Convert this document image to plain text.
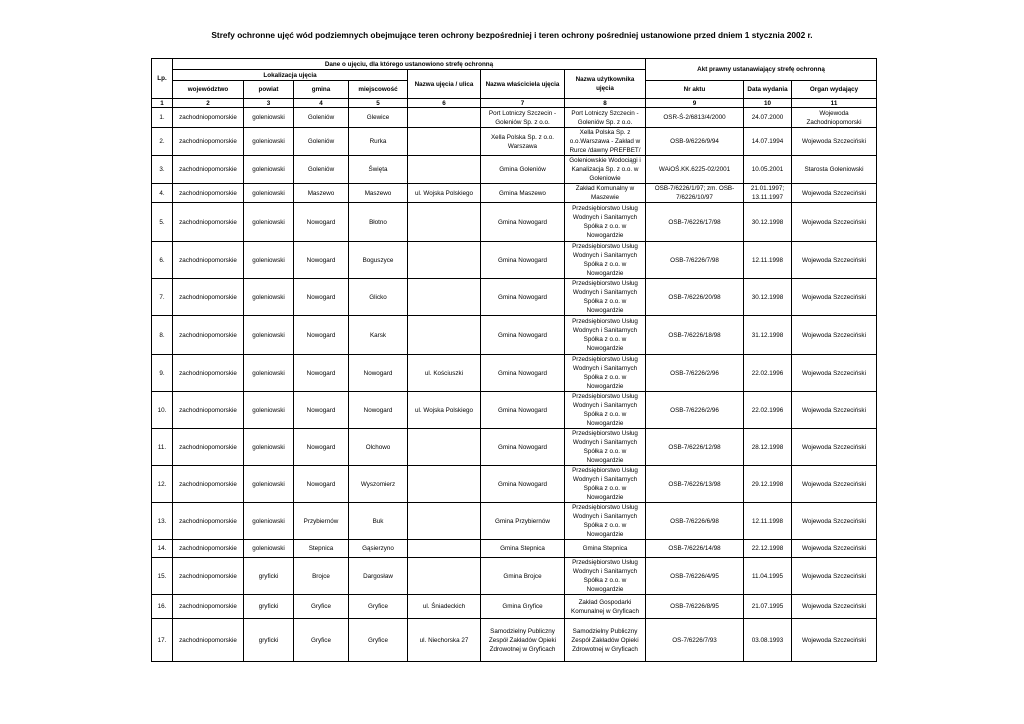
Strefy ochronne ujęć wód podziemnych obejmujące teren ochrony bezpośredniej i teren ochrony pośredniej ustanowione przed dniem 1 stycznia 2002 r.
Lp.	Dane o ujęciu, dla którego ustanowiono strefę ochronną							Akt prawny ustanawiający strefę ochronną		
	Lokalizacja ujęcia				Nazwa ujęcia / ulica	Nazwa właściciela ujęcia	Nazwa użytkownika ujęcia			
	województwo	powiat	gmina	miejscowość				Nr aktu	Data wydania	Organ wydający
1	2	3	4	5	6	7	8	9	10	11
1.	zachodniopomorskie	goleniowski	Goleniów	Glewice		Port Lotniczy Szczecin - Goleniów Sp. z o.o.	Port Lotniczy Szczecin - Goleniów Sp. z o.o.	OSR-Ś-2/6813/4/2000	24.07.2000	Wojewoda Zachodniopomorski
2.	zachodniopomorskie	goleniowski	Goleniów	Rurka		Xella Polska Sp. z o.o. Warszawa	Xella Polska Sp. z o.o.Warszawa - Zakład w Rurce /dawny PREFBET/	OSB-9/6226/9/94	14.07.1994	Wojewoda Szczeciński
3.	zachodniopomorskie	goleniowski	Goleniów	Święta		Gmina Goleniów	Goleniowskie Wodociągi i Kanalizacja Sp. z o.o. w Goleniowie	WAiOŚ.KK.6225-02/2001	10.05.2001	Starosta Goleniowski
4.	zachodniopomorskie	goleniowski	Maszewo	Maszewo	ul. Wojska Polskiego	Gmina Maszewo	Zakład Komunalny w Maszewie	OSB-7/6226/1/97; zm. OSB-7/6226/10/97	21.01.1997; 13.11.1997	Wojewoda Szczeciński
5.	zachodniopomorskie	goleniowski	Nowogard	Błotno		Gmina Nowogard	Przedsiębiorstwo Usług Wodnych i Sanitarnych Spółka z o.o. w Nowogardzie	OSB-7/6226/17/98	30.12.1998	Wojewoda Szczeciński
6.	zachodniopomorskie	goleniowski	Nowogard	Boguszyce		Gmina Nowogard	Przedsiębiorstwo Usług Wodnych i Sanitarnych Spółka z o.o. w Nowogardzie	OSB-7/6226/7/98	12.11.1998	Wojewoda Szczeciński
7.	zachodniopomorskie	goleniowski	Nowogard	Glicko		Gmina Nowogard	Przedsiębiorstwo Usług Wodnych i Sanitarnych Spółka z o.o. w Nowogardzie	OSB-7/6226/20/98	30.12.1998	Wojewoda Szczeciński
8.	zachodniopomorskie	goleniowski	Nowogard	Karsk		Gmina Nowogard	Przedsiębiorstwo Usług Wodnych i Sanitarnych Spółka z o.o. w Nowogardzie	OSB-7/6226/18/98	31.12.1998	Wojewoda Szczeciński
9.	zachodniopomorskie	goleniowski	Nowogard	Nowogard	ul. Kościuszki	Gmina Nowogard	Przedsiębiorstwo Usług Wodnych i Sanitarnych Spółka z o.o. w Nowogardzie	OSB-7/6226/2/96	22.02.1996	Wojewoda Szczeciński
10.	zachodniopomorskie	goleniowski	Nowogard	Nowogard	ul. Wojska Polskiego	Gmina Nowogard	Przedsiębiorstwo Usług Wodnych i Sanitarnych Spółka z o.o. w Nowogardzie	OSB-7/6226/2/96	22.02.1996	Wojewoda Szczeciński
11.	zachodniopomorskie	goleniowski	Nowogard	Olchowo		Gmina Nowogard	Przedsiębiorstwo Usług Wodnych i Sanitarnych Spółka z o.o. w Nowogardzie	OSB-7/6226/12/98	28.12.1998	Wojewoda Szczeciński
12.	zachodniopomorskie	goleniowski	Nowogard	Wyszomierz		Gmina Nowogard	Przedsiębiorstwo Usług Wodnych i Sanitarnych Spółka z o.o. w Nowogardzie	OSB-7/6226/13/98	29.12.1998	Wojewoda Szczeciński
13.	zachodniopomorskie	goleniowski	Przybiernów	Buk		Gmina Przybiernów	Przedsiębiorstwo Usług Wodnych i Sanitarnych Spółka z o.o. w Nowogardzie	OSB-7/6226/6/98	12.11.1998	Wojewoda Szczeciński
14.	zachodniopomorskie	goleniowski	Stepnica	Gąsierzyno		Gmina Stepnica	Gmina Stepnica	OSB-7/6226/14/98	22.12.1998	Wojewoda Szczeciński
15.	zachodniopomorskie	gryficki	Brojce	Dargosław		Gmina Brojce	Przedsiębiorstwo Usług Wodnych i Sanitarnych Spółka z o.o. w Nowogardzie	OSB-7/6226/4/95	11.04.1995	Wojewoda Szczeciński
16.	zachodniopomorskie	gryficki	Gryfice	Gryfice	ul. Śniadeckich	Gmina Gryfice	Zakład Gospodarki Komunalnej w Gryficach	OSB-7/6226/8/95	21.07.1995	Wojewoda Szczeciński
17.	zachodniopomorskie	gryficki	Gryfice	Gryfice	ul. Niechorska 27	Samodzielny Publiczny Zespół Zakładów Opieki Zdrowotnej w Gryficach	Samodzielny Publiczny Zespół Zakładów Opieki Zdrowotnej w Gryficach	OS-7/6226/7/93	03.08.1993	Wojewoda Szczeciński
